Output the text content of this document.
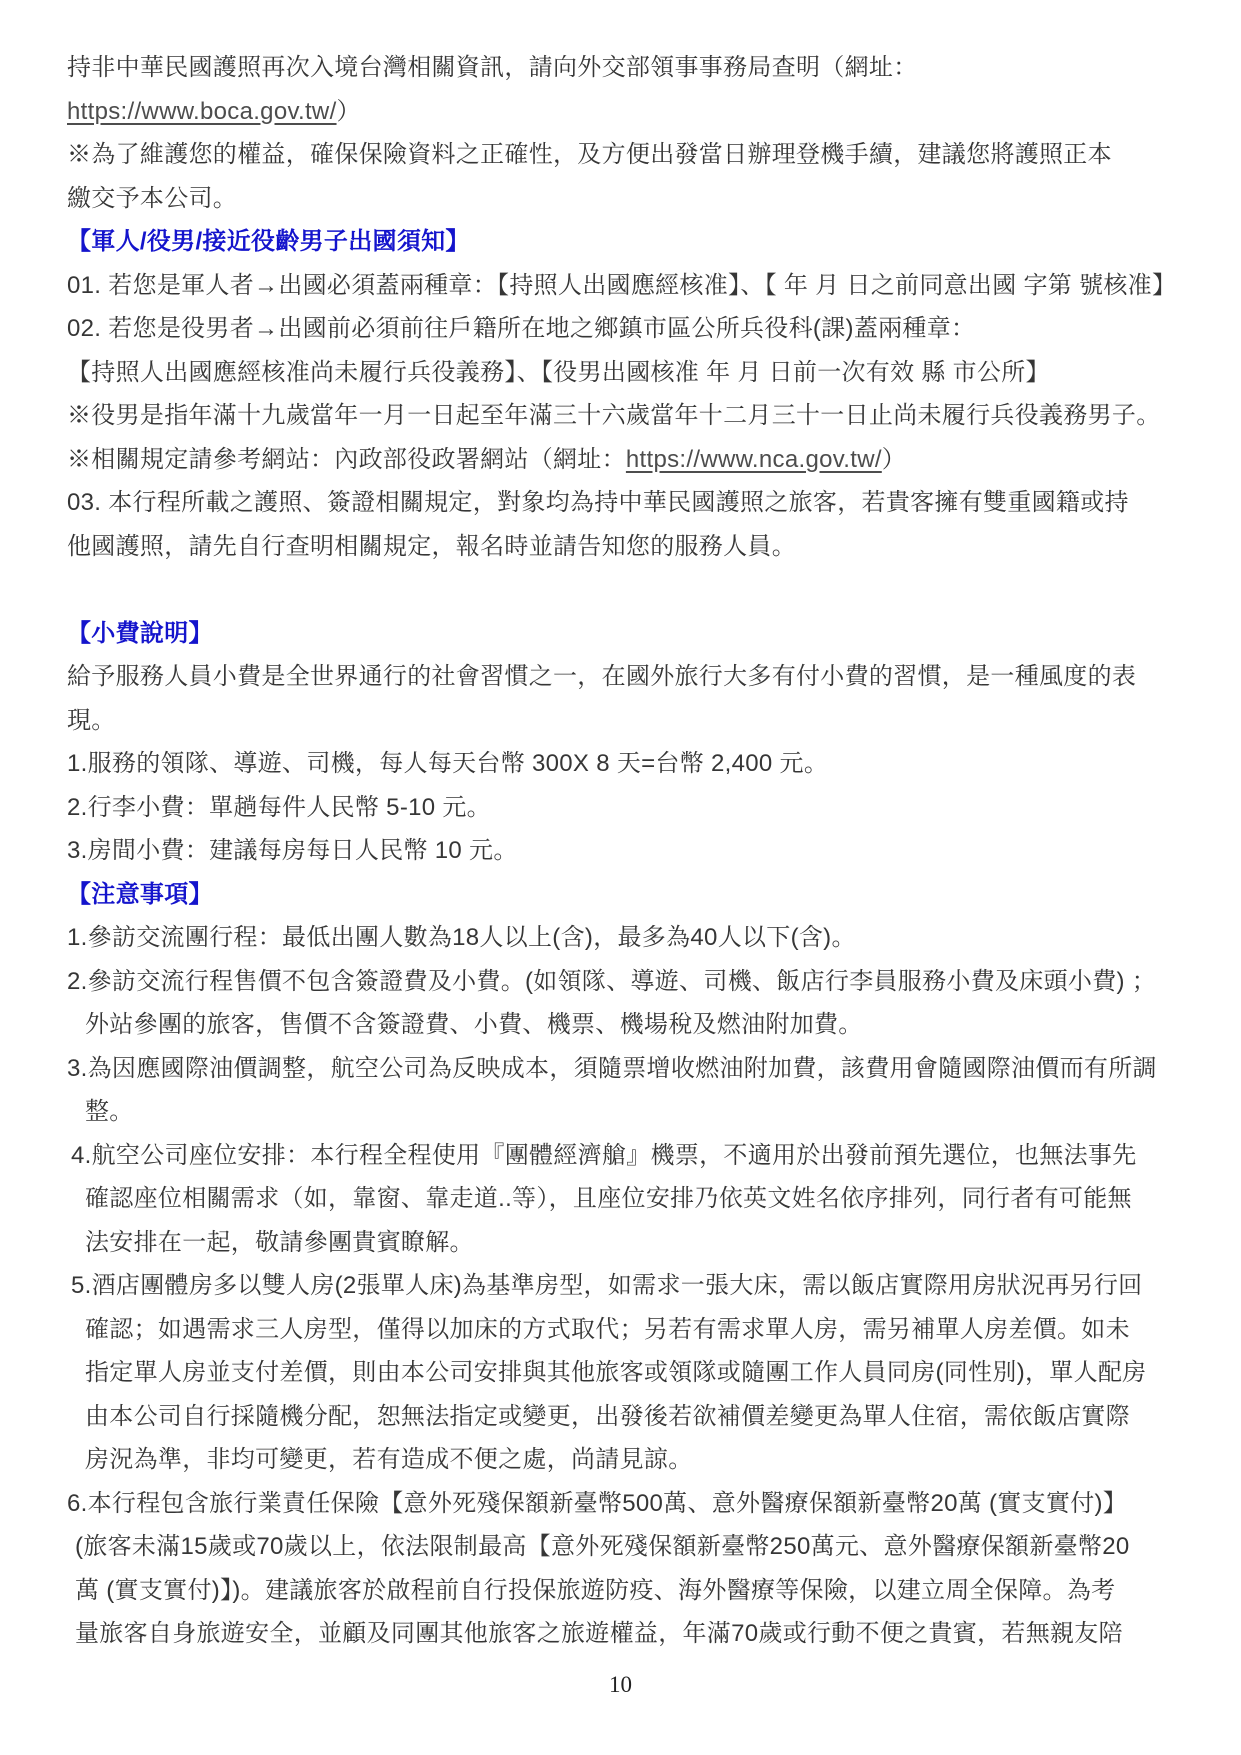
持非中華民國護照再次入境台灣相關資訊，請向外交部領事事務局查明（網址：
https://www.boca.gov.tw/）
※為了維護您的權益，確保保險資料之正確性，及方便出發當日辦理登機手續，建議您將護照正本
繳交予本公司。
【軍人/役男/接近役齡男子出國須知】
01. 若您是軍人者→出國必須蓋兩種章：【持照人出國應經核准】、【 年 月 日之前同意出國 字第 號核准】
02. 若您是役男者→出國前必須前往戶籍所在地之鄉鎮市區公所兵役科(課)蓋兩種章：
【持照人出國應經核准尚未履行兵役義務】、【役男出國核准 年 月 日前一次有效 縣 市公所】
※役男是指年滿十九歲當年一月一日起至年滿三十六歲當年十二月三十一日止尚未履行兵役義務男子。
※相關規定請參考網站：內政部役政署網站（網址：https://www.nca.gov.tw/）
03. 本行程所載之護照、簽證相關規定，對象均為持中華民國護照之旅客，若貴客擁有雙重國籍或持
他國護照，請先自行查明相關規定，報名時並請告知您的服務人員。

【小費說明】
給予服務人員小費是全世界通行的社會習慣之一，在國外旅行大多有付小費的習慣，是一種風度的表
現。
1.服務的領隊、導遊、司機，每人每天台幣 300X 8 天=台幣 2,400 元。
2.行李小費：單趟每件人民幣 5-10 元。
3.房間小費：建議每房每日人民幣 10 元。
【注意事項】
1.參訪交流團行程：最低出團人數為18人以上(含)，最多為40人以下(含)。
2.參訪交流行程售價不包含簽證費及小費。(如領隊、導遊、司機、飯店行李員服務小費及床頭小費) ；
外站參團的旅客，售價不含簽證費、小費、機票、機場稅及燃油附加費。
3.為因應國際油價調整，航空公司為反映成本，須隨票增收燃油附加費，該費用會隨國際油價而有所調
整。
4.航空公司座位安排：本行程全程使用『團體經濟艙』機票，不適用於出發前預先選位，也無法事先
確認座位相關需求（如，靠窗、靠走道..等），且座位安排乃依英文姓名依序排列，同行者有可能無
法安排在一起，敬請參團貴賓瞭解。
5.酒店團體房多以雙人房(2張單人床)為基準房型，如需求一張大床，需以飯店實際用房狀況再另行回
確認；如遇需求三人房型，僅得以加床的方式取代；另若有需求單人房，需另補單人房差價。如未
指定單人房並支付差價，則由本公司安排與其他旅客或領隊或隨團工作人員同房(同性別)，單人配房
由本公司自行採隨機分配，恕無法指定或變更，出發後若欲補價差變更為單人住宿，需依飯店實際
房況為準，非均可變更，若有造成不便之處，尚請見諒。
6.本行程包含旅行業責任保險【意外死殘保額新臺幣500萬、意外醫療保額新臺幣20萬 (實支實付)】
(旅客未滿15歲或70歲以上，依法限制最高【意外死殘保額新臺幣250萬元、意外醫療保額新臺幣20
萬 (實支實付)】)。建議旅客於啟程前自行投保旅遊防疫、海外醫療等保險，以建立周全保障。為考
量旅客自身旅遊安全，並顧及同團其他旅客之旅遊權益，年滿70歲或行動不便之貴賓，若無親友陪
10
